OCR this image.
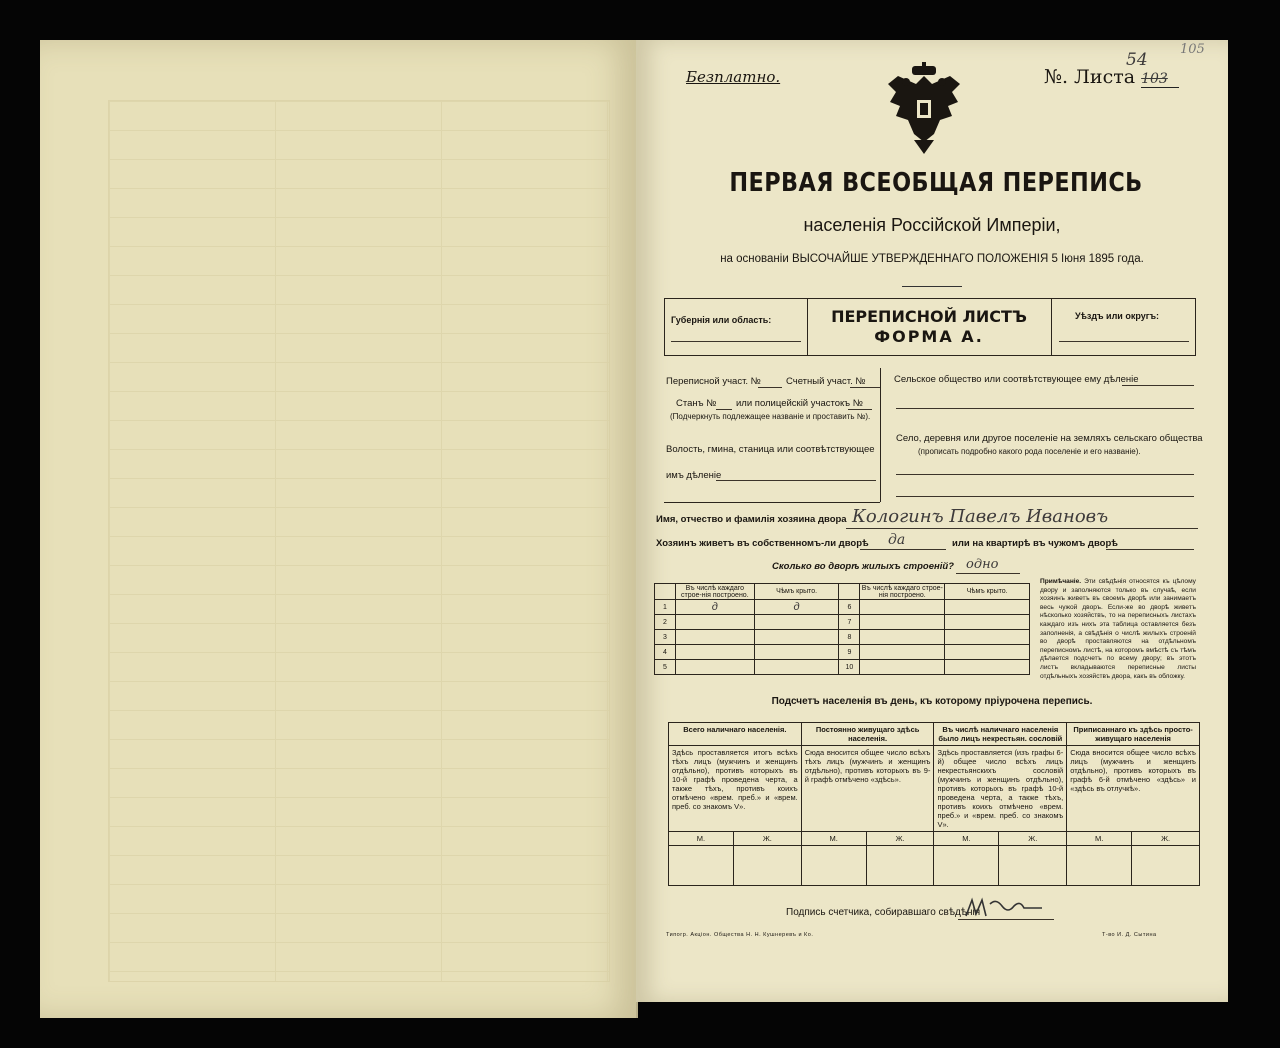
Безплатно.	№. Листа 103
54
105
ПЕРВАЯ ВСЕОБЩАЯ ПЕРЕПИСЬ
населенія Россійской Имперіи,
на основаніи ВЫСОЧАЙШЕ УТВЕРЖДЕННАГО ПОЛОЖЕНІЯ 5 Іюня 1895 года.
Губернія или область:	ПЕРЕПИСНОЙ ЛИСТЪ
ФОРМА А.
Уѣздъ или округъ:
Переписной участ. №	Счетный участ. №
Станъ № или полицейскій участокъ №
(Подчеркнуть подлежащее названіе и проставить №).
Волость, гмина, станица или соотвѣтствующее
имъ дѣленіе
Сельское общество или соотвѣтствующее ему дѣленіе
Село, деревня или другое поселеніе на земляхъ сельскаго общества
(прописать подробно какого рода поселеніе и его названіе).
Имя, отчество и фамилія хозяина двора Кологинъ Павелъ Ивановъ
Хозяинъ живетъ въ собственномъ-ли дворѣ да	или на квартирѣ въ чужомъ дворѣ
Сколько во дворѣ жилыхъ строеній? одно
	Въ числѣ каждаго строе-нія построено.	Чѣмъ крыто.		Въ числѣ каждаго строе-нія построено.	Чѣмъ крыто.
1	д	д	6		
2			7		
3			8		
4			9		
5			10		
Примѣчаніе. Эти свѣдѣнія относятся къ цѣлому двору и заполняются только въ случаѣ, если хозяинъ живетъ въ своемъ дворѣ или занимаетъ весь чужой дворъ. Если-же во дворѣ живетъ нѣсколько хозяйствъ, то на переписныхъ листахъ каждаго изъ нихъ эта таблица оставляется безъ заполненія, а свѣдѣнія о числѣ жилыхъ строеній во дворѣ проставляются на отдѣльномъ переписномъ листѣ, на которомъ вмѣстѣ съ тѣмъ дѣлается подсчетъ по всему двору; въ этотъ листъ вкладываются переписные листы отдѣльныхъ хозяйствъ двора, какъ въ обложку.
Подсчетъ населенія въ день, къ которому пріурочена перепись.
Всего наличнаго населенія.		Постоянно живущаго здѣсь населенія.		Въ числѣ наличнаго населенія было лицъ некрестьян. сословій		Приписаннаго къ здѣсь просто-живущаго населенія	
Здѣсь проставляется итогъ всѣхъ тѣхъ лицъ (мужчинъ и женщинъ отдѣльно), противъ которыхъ въ 10-й графѣ проведена черта, а также тѣхъ, противъ коихъ отмѣчено «врем. преб.» и «врем. преб. со знакомъ V».		Сюда вносится общее число всѣхъ тѣхъ лицъ (мужчинъ и женщинъ отдѣльно), противъ которыхъ въ 9-й графѣ отмѣчено «здѣсь».		Здѣсь проставляется (изъ графы 6-й) общее число всѣхъ лицъ некрестьянскихъ сословій (мужчинъ и женщинъ отдѣльно), противъ которыхъ въ графѣ 10-й проведена черта, а также тѣхъ, противъ коихъ отмѣчено «врем. преб.» и «врем. преб. со знакомъ V».		Сюда вносится общее число всѣхъ лицъ (мужчинъ и женщинъ отдѣльно), противъ которыхъ въ графѣ 6-й отмѣчено «здѣсь» и «здѣсь въ отлучкѣ».	
М.	Ж.	М.	Ж.	М.	Ж.	М.	Ж.

Подпись счетчика, собиравшаго свѣдѣнія
Типогр. Акціон. Общества Н. Н. Кушнеревъ и Ко.	Т-во И. Д. Сытина
